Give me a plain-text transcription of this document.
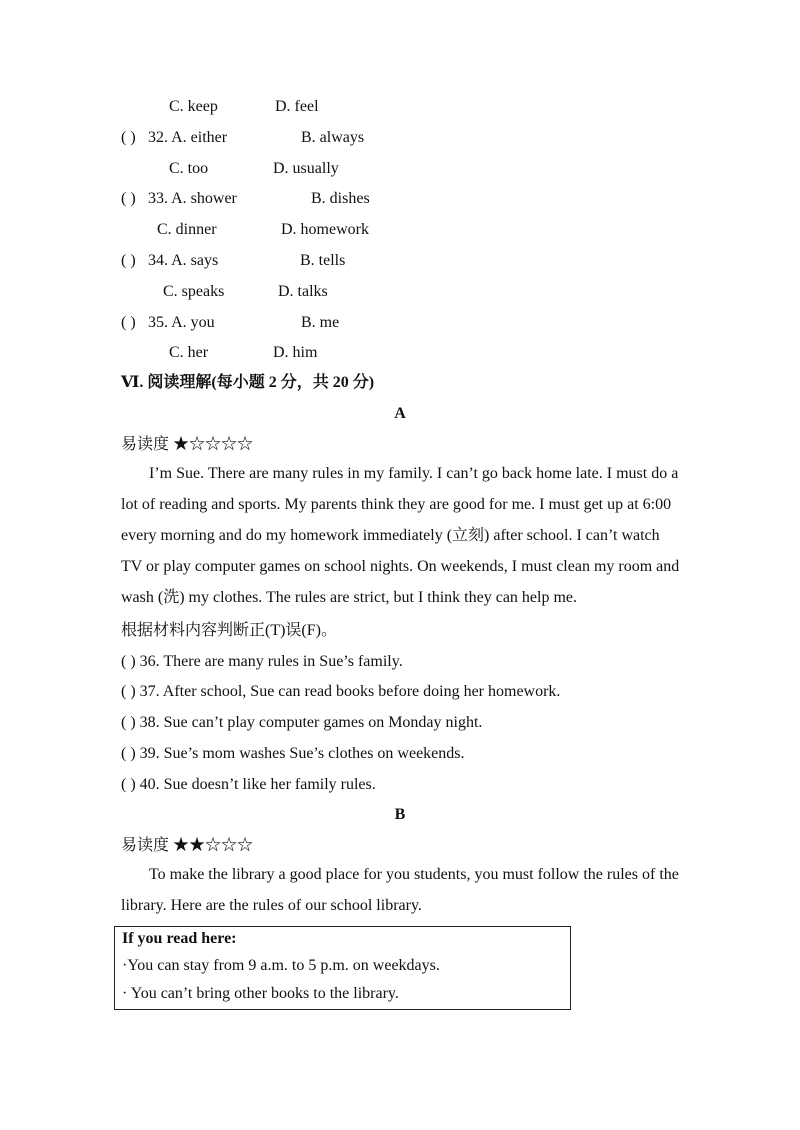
C. keep	D. feel
( ) 32. A. either	B. always
C. too	D. usually
( ) 33. A. shower	B. dishes
C. dinner	D. homework
( ) 34. A. says	B. tells
C. speaks	D. talks
( ) 35. A. you	B. me
C. her	D. him
Ⅵ. 阅读理解(每小题 2 分，共 20 分)
A
易读度 ★☆☆☆☆

I’m Sue. There are many rules in my family. I can’t go back home late. I must do a lot of reading and sports. My parents think they are good for me. I must get up at 6:00 every morning and do my homework immediately (立刻) after school. I can’t watch TV or play computer games on school nights. On weekends, I must clean my room and wash (洗) my clothes. The rules are strict, but I think they can help me.

根据材料内容判断正(T)误(F)。
( ) 36. There are many rules in Sue’s family.
( ) 37. After school, Sue can read books before doing her homework.
( ) 38. Sue can’t play computer games on Monday night.
( ) 39. Sue’s mom washes Sue’s clothes on weekends.
( ) 40. Sue doesn’t like her family rules.
B
易读度 ★★☆☆☆

To make the library a good place for you students, you must follow the rules of the library. Here are the rules of our school library.

If you read here:
·You can stay from 9 a.m. to 5 p.m. on weekdays.
· You can’t bring other books to the library.
